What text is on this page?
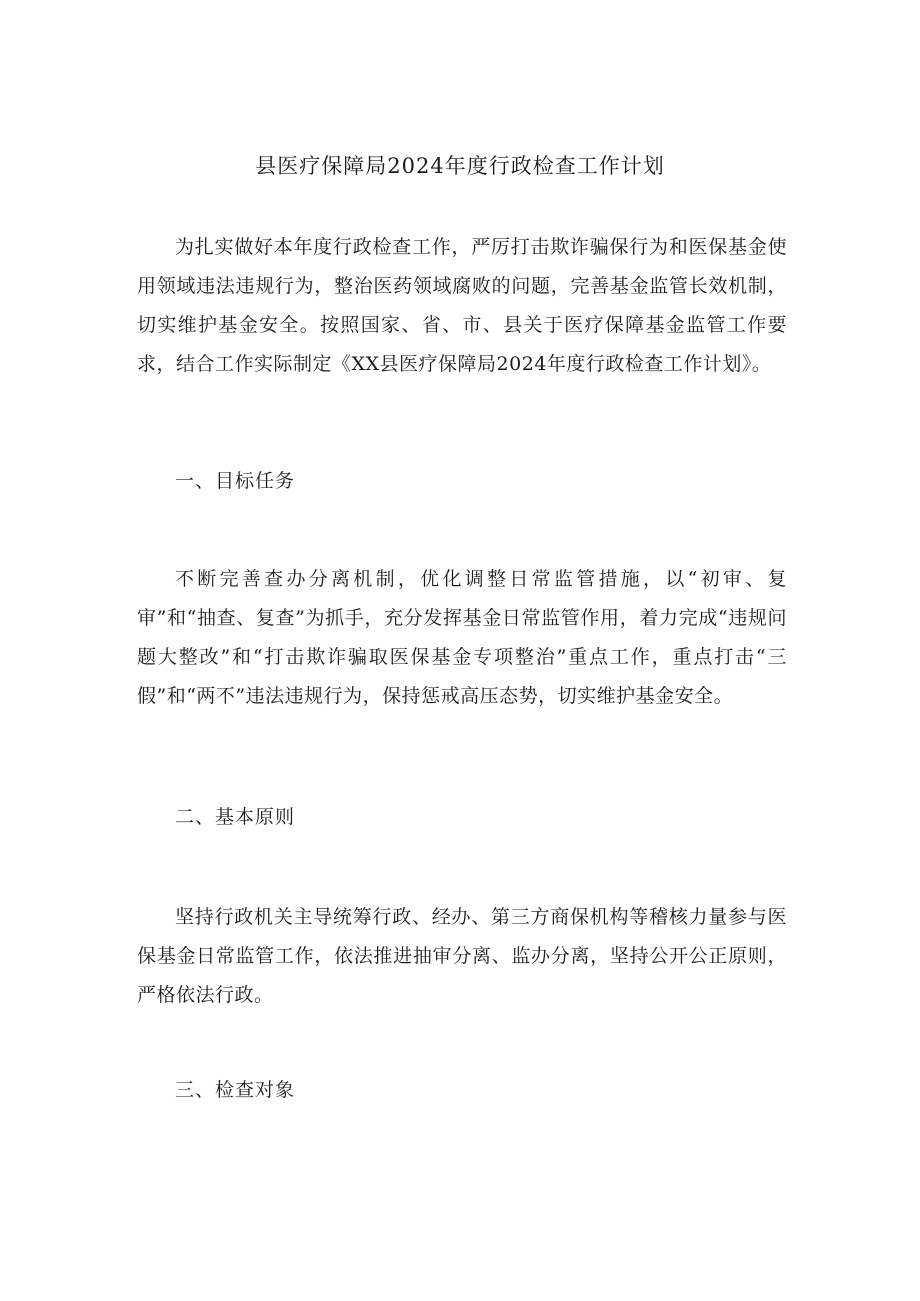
县医疗保障局2024年度行政检查工作计划

为扎实做好本年度行政检查工作，严厉打击欺诈骗保行为和医保基金使用领域违法违规行为，整治医药领域腐败的问题，完善基金监管长效机制，切实维护基金安全。按照国家、省、市、县关于医疗保障基金监管工作要求，结合工作实际制定《XX县医疗保障局2024年度行政检查工作计划》。

一、目标任务

不断完善查办分离机制，优化调整日常监管措施，以“初审、复审”和“抽查、复查”为抓手，充分发挥基金日常监管作用，着力完成“违规问题大整改”和“打击欺诈骗取医保基金专项整治”重点工作，重点打击“三假”和“两不”违法违规行为，保持惩戒高压态势，切实维护基金安全。

二、基本原则

坚持行政机关主导统筹行政、经办、第三方商保机构等稽核力量参与医保基金日常监管工作，依法推进抽审分离、监办分离，坚持公开公正原则，严格依法行政。

三、检查对象
